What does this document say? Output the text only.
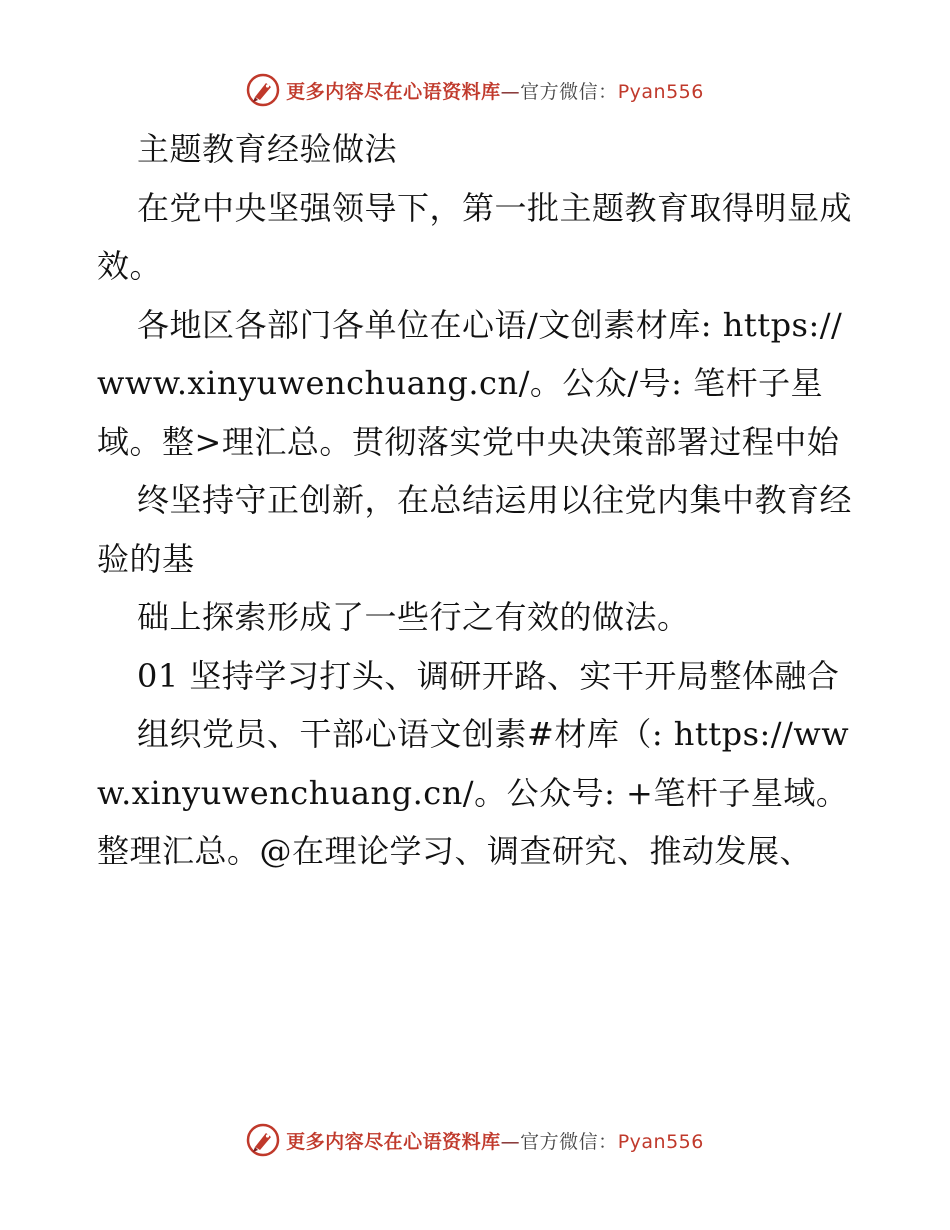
更多内容尽在心语资料库—官方微信：Pyan556

主题教育经验做法

在党中央坚强领导下，第一批主题教育取得明显成效。

各地区各部门各单位在心语/文创素材库: https://www.xinyuwenchuang.cn/。公众/号: 笔杆子星域。整>理汇总。贯彻落实党中央决策部署过程中始

终坚持守正创新，在总结运用以往党内集中教育经验的基

础上探索形成了一些行之有效的做法。

01 坚持学习打头、调研开路、实干开局整体融合

组织党员、干部心语文创素#材库（: https://www.xinyuwenchuang.cn/。公众号: +笔杆子星域。整理汇总。@在理论学习、调查研究、推动发展、

更多内容尽在心语资料库—官方微信：Pyan556
